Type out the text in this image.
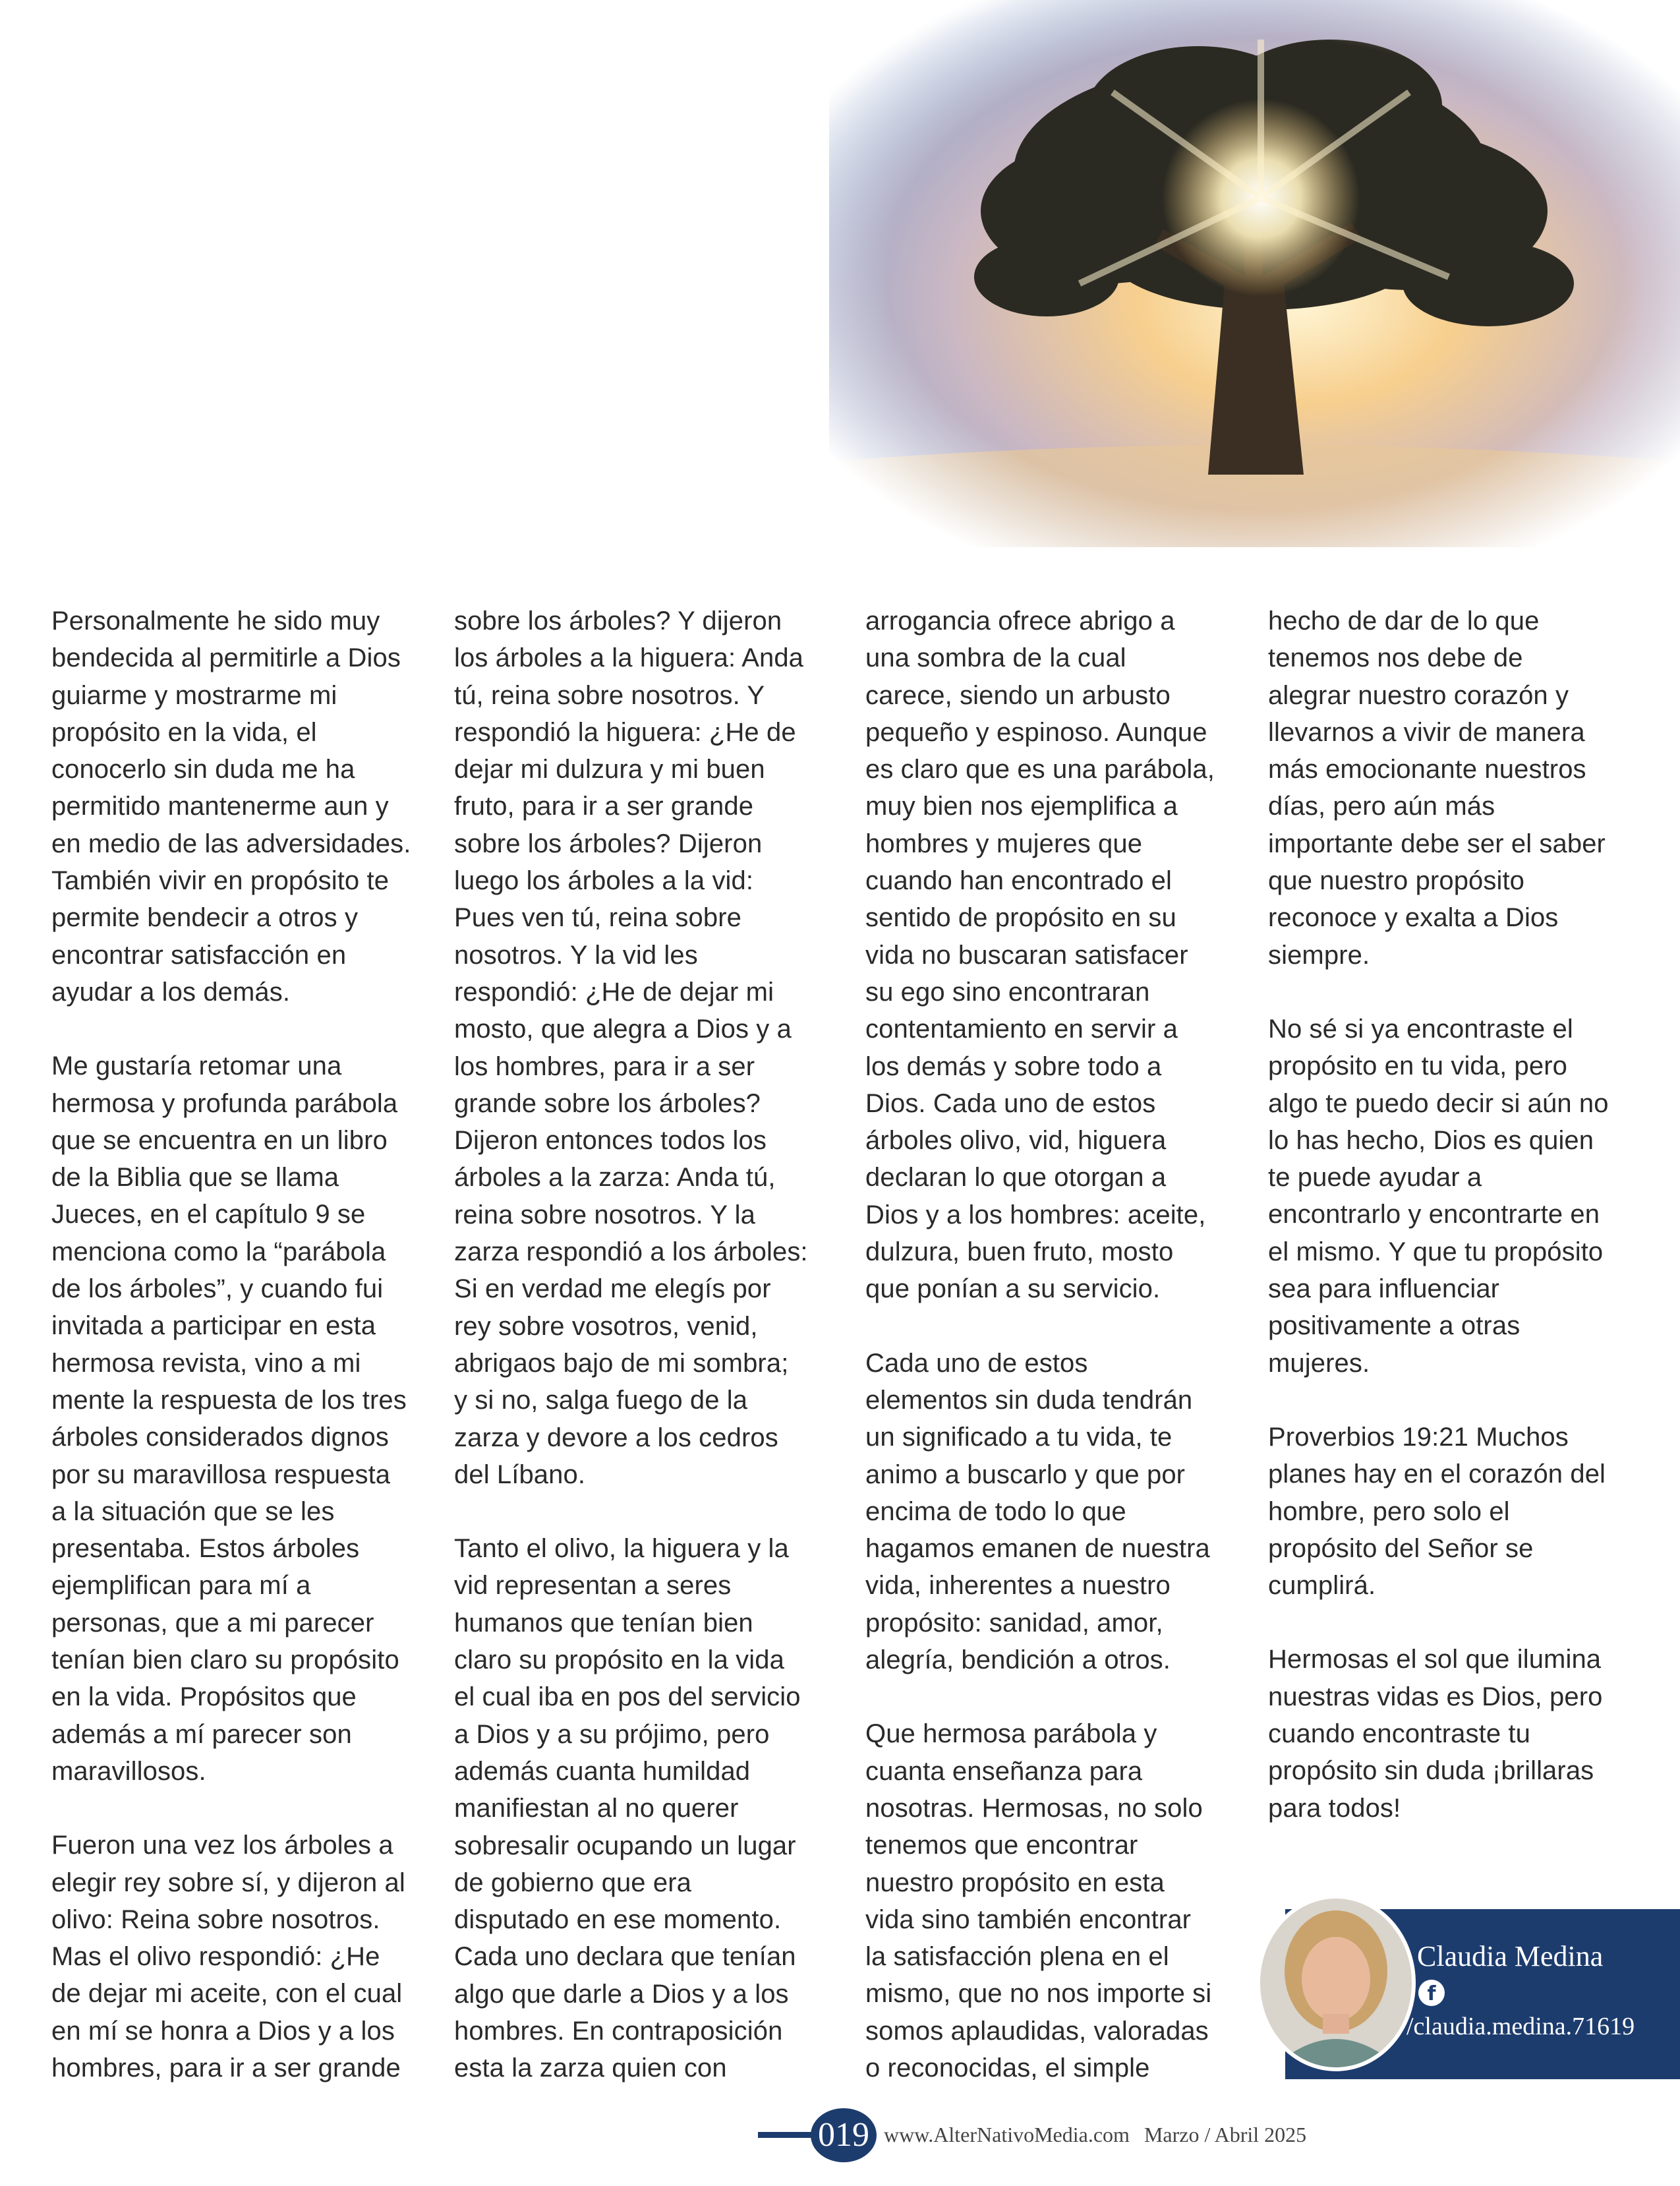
Personalmente he sido muy
bendecida al permitirle a Dios
guiarme y mostrarme mi
propósito en la vida, el
conocerlo sin duda me ha
permitido mantenerme aun y
en medio de las adversidades.
También vivir en propósito te
permite bendecir a otros y
encontrar satisfacción en
ayudar a los demás.

Me gustaría retomar una
hermosa y profunda parábola
que se encuentra en un libro
de la Biblia que se llama
Jueces, en el capítulo 9 se
menciona como la “parábola
de los árboles”, y cuando fui
invitada a participar en esta
hermosa revista, vino a mi
mente la respuesta de los tres
árboles considerados dignos
por su maravillosa respuesta
a la situación que se les
presentaba. Estos árboles
ejemplifican para mí a
personas, que a mi parecer
tenían bien claro su propósito
en la vida. Propósitos que
además a mí parecer son
maravillosos.

Fueron una vez los árboles a
elegir rey sobre sí, y dijeron al
olivo: Reina sobre nosotros.
Mas el olivo respondió: ¿He
de dejar mi aceite, con el cual
en mí se honra a Dios y a los
hombres, para ir a ser grande

sobre los árboles? Y dijeron
los árboles a la higuera: Anda
tú, reina sobre nosotros. Y
respondió la higuera: ¿He de
dejar mi dulzura y mi buen
fruto, para ir a ser grande
sobre los árboles? Dijeron
luego los árboles a la vid:
Pues ven tú, reina sobre
nosotros. Y la vid les
respondió: ¿He de dejar mi
mosto, que alegra a Dios y a
los hombres, para ir a ser
grande sobre los árboles?
Dijeron entonces todos los
árboles a la zarza: Anda tú,
reina sobre nosotros. Y la
zarza respondió a los árboles:
Si en verdad me elegís por
rey sobre vosotros, venid,
abrigaos bajo de mi sombra;
y si no, salga fuego de la
zarza y devore a los cedros
del Líbano.

Tanto el olivo, la higuera y la
vid representan a seres
humanos que tenían bien
claro su propósito en la vida
el cual iba en pos del servicio
a Dios y a su prójimo, pero
además cuanta humildad
manifiestan al no querer
sobresalir ocupando un lugar
de gobierno que era
disputado en ese momento.
Cada uno declara que tenían
algo que darle a Dios y a los
hombres. En contraposición
esta la zarza quien con

arrogancia ofrece abrigo a
una sombra de la cual
carece, siendo un arbusto
pequeño y espinoso. Aunque
es claro que es una parábola,
muy bien nos ejemplifica a
hombres y mujeres que
cuando han encontrado el
sentido de propósito en su
vida no buscaran satisfacer
su ego sino encontraran
contentamiento en servir a
los demás y sobre todo a
Dios. Cada uno de estos
árboles olivo, vid, higuera
declaran lo que otorgan a
Dios y a los hombres: aceite,
dulzura, buen fruto, mosto
que ponían a su servicio.

Cada uno de estos
elementos sin duda tendrán
un significado a tu vida, te
animo a buscarlo y que por
encima de todo lo que
hagamos emanen de nuestra
vida, inherentes a nuestro
propósito: sanidad, amor,
alegría, bendición a otros.

Que hermosa parábola y
cuanta enseñanza para
nosotras. Hermosas, no solo
tenemos que encontrar
nuestro propósito en esta
vida sino también encontrar
la satisfacción plena en el
mismo, que no nos importe si
somos aplaudidas, valoradas
o reconocidas, el simple

hecho de dar de lo que
tenemos nos debe de
alegrar nuestro corazón y
llevarnos a vivir de manera
más emocionante nuestros
días, pero aún más
importante debe ser el saber
que nuestro propósito
reconoce y exalta a Dios
siempre.

No sé si ya encontraste el
propósito en tu vida, pero
algo te puedo decir si aún no
lo has hecho, Dios es quien
te puede ayudar a
encontrarlo y encontrarte en
el mismo. Y que tu propósito
sea para influenciar
positivamente a otras
mujeres.

Proverbios 19:21 Muchos
planes hay en el corazón del
hombre, pero solo el
propósito del Señor se
cumplirá.

Hermosas el sol que ilumina
nuestras vidas es Dios, pero
cuando encontraste tu
propósito sin duda ¡brillaras
para todos!

Claudia Medina
f
/claudia.medina.71619
019 www.AlterNativoMedia.com Marzo / Abril 2025
